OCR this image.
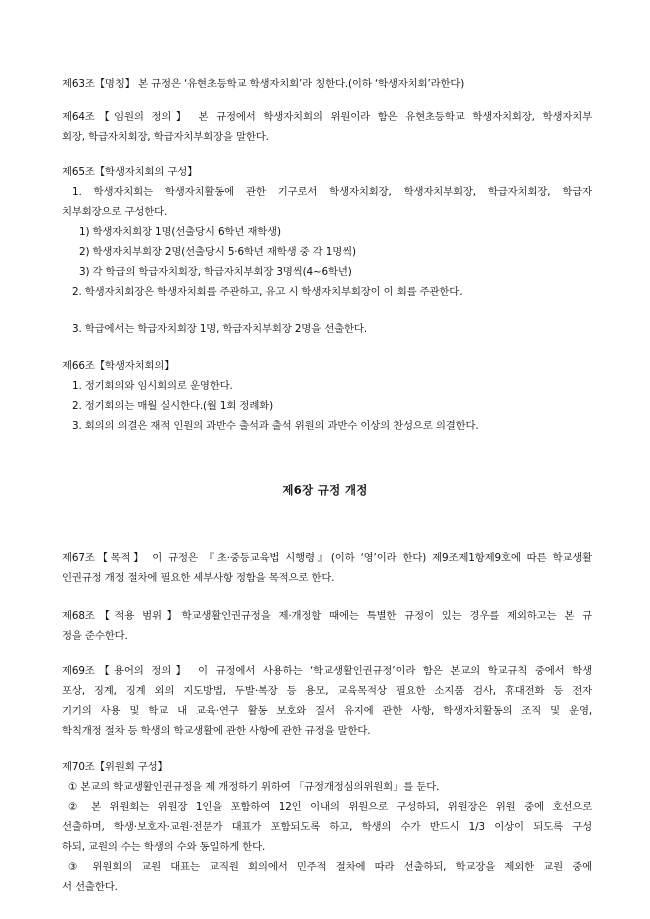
제63조【명칭】 본 규정은 ‘유현초등학교 학생자치회’라 칭한다.(이하 ‘학생자치회’라한다)
제64조【임원의 정의】 본 규정에서 학생자치회의 위원이라 함은 유현초등학교 학생자치회장, 학생자치부
회장, 학급자치회장, 학급자치부회장을 말한다.
제65조【학생자치회의 구성】
1. 학생자치회는 학생자치활동에 관한 기구로서 학생자치회장, 학생자치부회장, 학급자치회장, 학급자
치부회장으로 구성한다.
1) 학생자치회장 1명(선출당시 6학년 재학생)
2) 학생자치부회장 2명(선출당시 5·6학년 재학생 중 각 1명씩)
3) 각 학급의 학급자치회장, 학급자치부회장 3명씩(4~6학년)
2. 학생자치회장은 학생자치회를 주관하고, 유고 시 학생자치부회장이 이 회를 주관한다.
3. 학급에서는 학급자치회장 1명, 학급자치부회장 2명을 선출한다.
제66조【학생자치회의】
1. 정기회의와 임시회의로 운영한다.
2. 정기회의는 매월 실시한다.(월 1회 정례화)
3. 회의의 의결은 재적 인원의 과반수 출석과 출석 위원의 과반수 이상의 찬성으로 의결한다.
제6장 규정 개정
제67조【목적】 이 규정은 『초·중등교육법 시행령』(이하 ‘영’이라 한다) 제9조제1항제9호에 따른 학교생활
인권규정 개정 절차에 필요한 세부사항 정함을 목적으로 한다.
제68조【적용 범위】학교생활인권규정을 제·개정할 때에는 특별한 규정이 있는 경우를 제외하고는 본 규
정을 준수한다.
제69조【용어의 정의】 이 규정에서 사용하는 ‘학교생활인권규정’이라 함은 본교의 학교규칙 중에서 학생
포상, 징계, 징계 외의 지도방법, 두발·복장 등 용모, 교육목적상 필요한 소지품 검사, 휴대전화 등 전자
기기의 사용 및 학교 내 교육·연구 활동 보호와 질서 유지에 관한 사항, 학생자치활동의 조직 및 운영,
학칙개정 절차 등 학생의 학교생활에 관한 사항에 관한 규정을 말한다.
제70조【위원회 구성】
① 본교의 학교생활인권규정을 제 개정하기 위하여 「규정개정심의위원회」를 둔다.
② 본 위원회는 위원장 1인을 포함하여 12인 이내의 위원으로 구성하되, 위원장은 위원 중에 호선으로
선출하며, 학생·보호자·교원·전문가 대표가 포함되도록 하고, 학생의 수가 반드시 1/3 이상이 되도록 구성
하되, 교원의 수는 학생의 수와 동일하게 한다.
③ 위원회의 교원 대표는 교직원 회의에서 민주적 절차에 따라 선출하되, 학교장을 제외한 교원 중에
서 선출한다.
